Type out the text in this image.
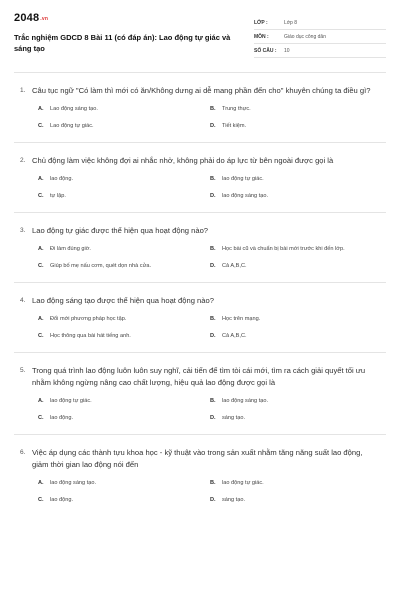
2048.vn
Trắc nghiệm GDCD 8 Bài 11 (có đáp án): Lao động tự giác và sáng tạo
LỚP :	Lớp 8
MÔN :	Giáo dục công dân
SỐ CÂU :	10
1. Câu tục ngữ "Có làm thì mới có ăn/Không dưng ai dễ mang phần đến cho" khuyên chúng ta điều gì?
A.	Lao động sáng tạo.	B.	Trung thực.
C.	Lao động tự giác.	D.	Tiết kiệm.
2. Chủ động làm việc không đợi ai nhắc nhở, không phải do áp lực từ bên ngoài được gọi là
A.	lao động.	B.	lao động tự giác.
C.	tự lập.	D.	lao động sáng tạo.
3. Lao động tự giác được thể hiện qua hoạt động nào?
A.	Đi làm đúng giờ.	B.	Học bài cũ và chuẩn bị bài mới trước khi đến lớp.
C.	Giúp bố mẹ nấu cơm, quét dọn nhà cửa.	D.	Cả A,B,C.
4. Lao động sáng tạo được thể hiện qua hoạt động nào?
A.	Đổi mới phương pháp học tập.	B.	Học trên mạng.
C.	Học thông qua bài hát tiếng anh.	D.	Cả A,B,C.
5. Trong quá trình lao động luôn luôn suy nghĩ, cải tiến để tìm tòi cái mới, tìm ra cách giải quyết tối ưu nhằm không ngừng nâng cao chất lượng, hiệu quả lao động được gọi là
A.	lao động tự giác.	B.	lao động sáng tạo.
C.	lao động.	D.	sáng tạo.
6. Việc áp dụng các thành tựu khoa học - kỹ thuật vào trong sản xuất nhằm tăng năng suất lao động, giảm thời gian lao động nói đến
A.	lao động sáng tạo.	B.	lao động tự giác.
C.	lao động.	D.	sáng tạo.
